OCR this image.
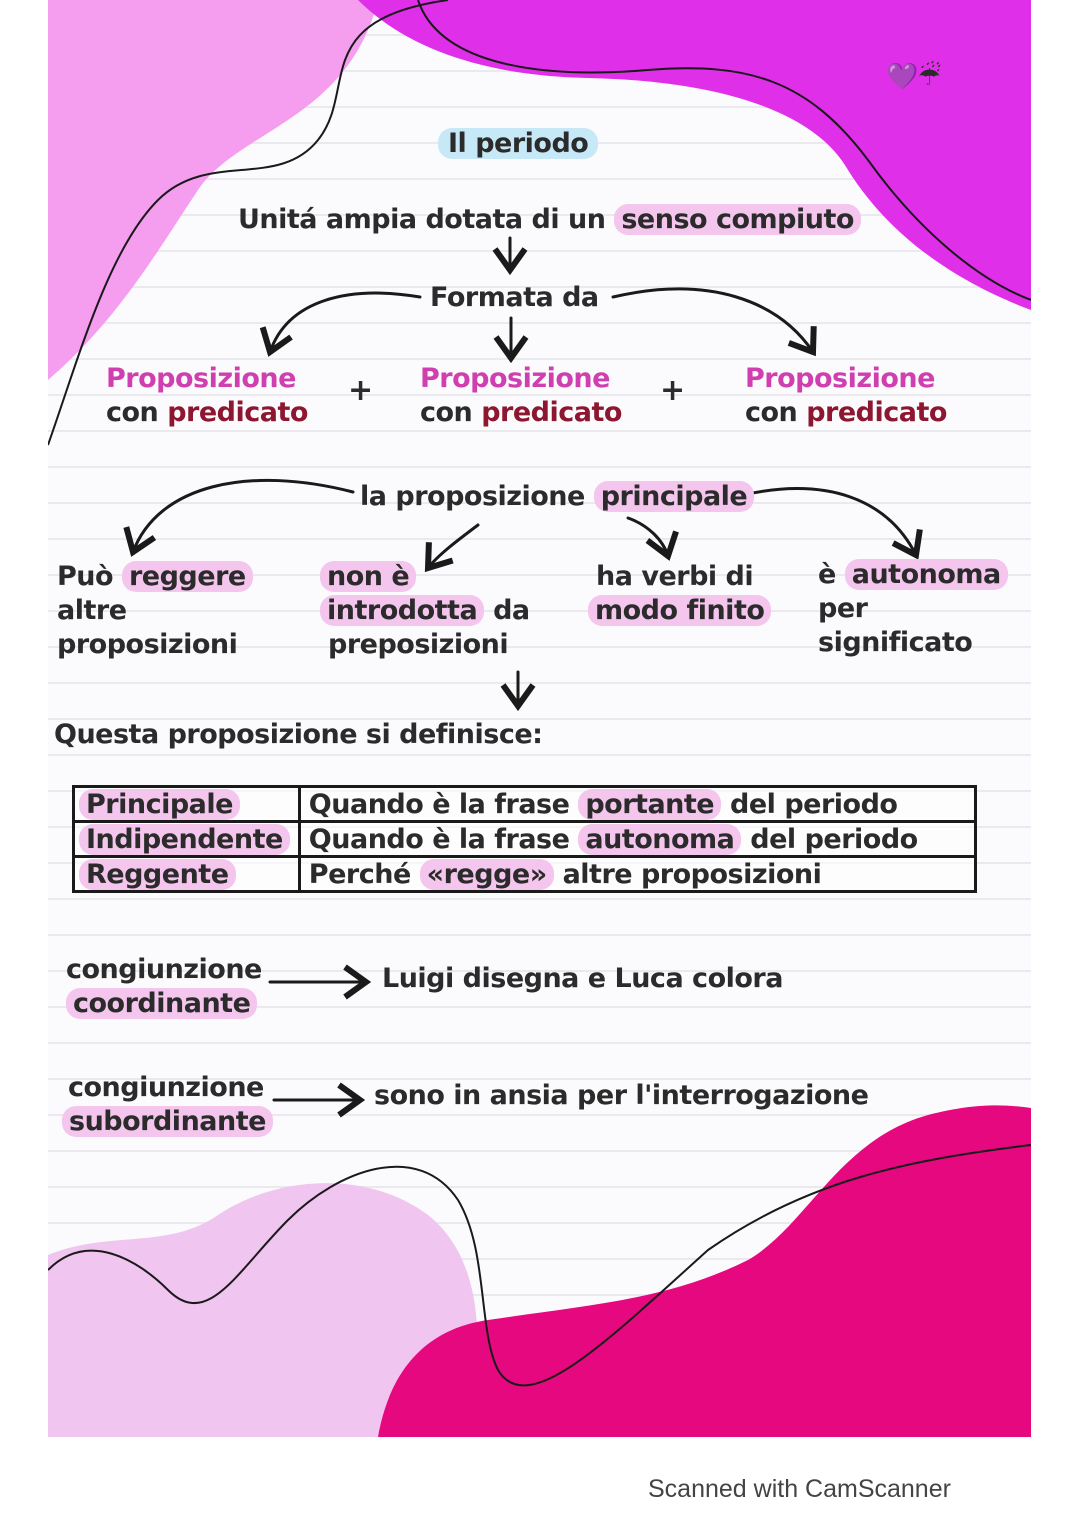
💜☔
Il periodo
Unitá ampia dotata di un senso compiuto
Formata da
Proposizione
con predicato
+ Proposizione
con predicato
+ Proposizione
con predicato
la proposizione principale
Può reggere
altre
proposizioni
non è
introdotta da
preposizioni
ha verbi di
modo finito
è autonoma
per
significato
Questa proposizione si definisce:
Principale	Quando è la frase portante del periodo
Indipendente	Quando è la frase autonoma del periodo
Reggente	Perché «regge» altre proposizioni
congiunzione
coordinante
Luigi disegna e Luca colora
congiunzione
subordinante
sono in ansia per l'interrogazione
Scanned with CamScanner
